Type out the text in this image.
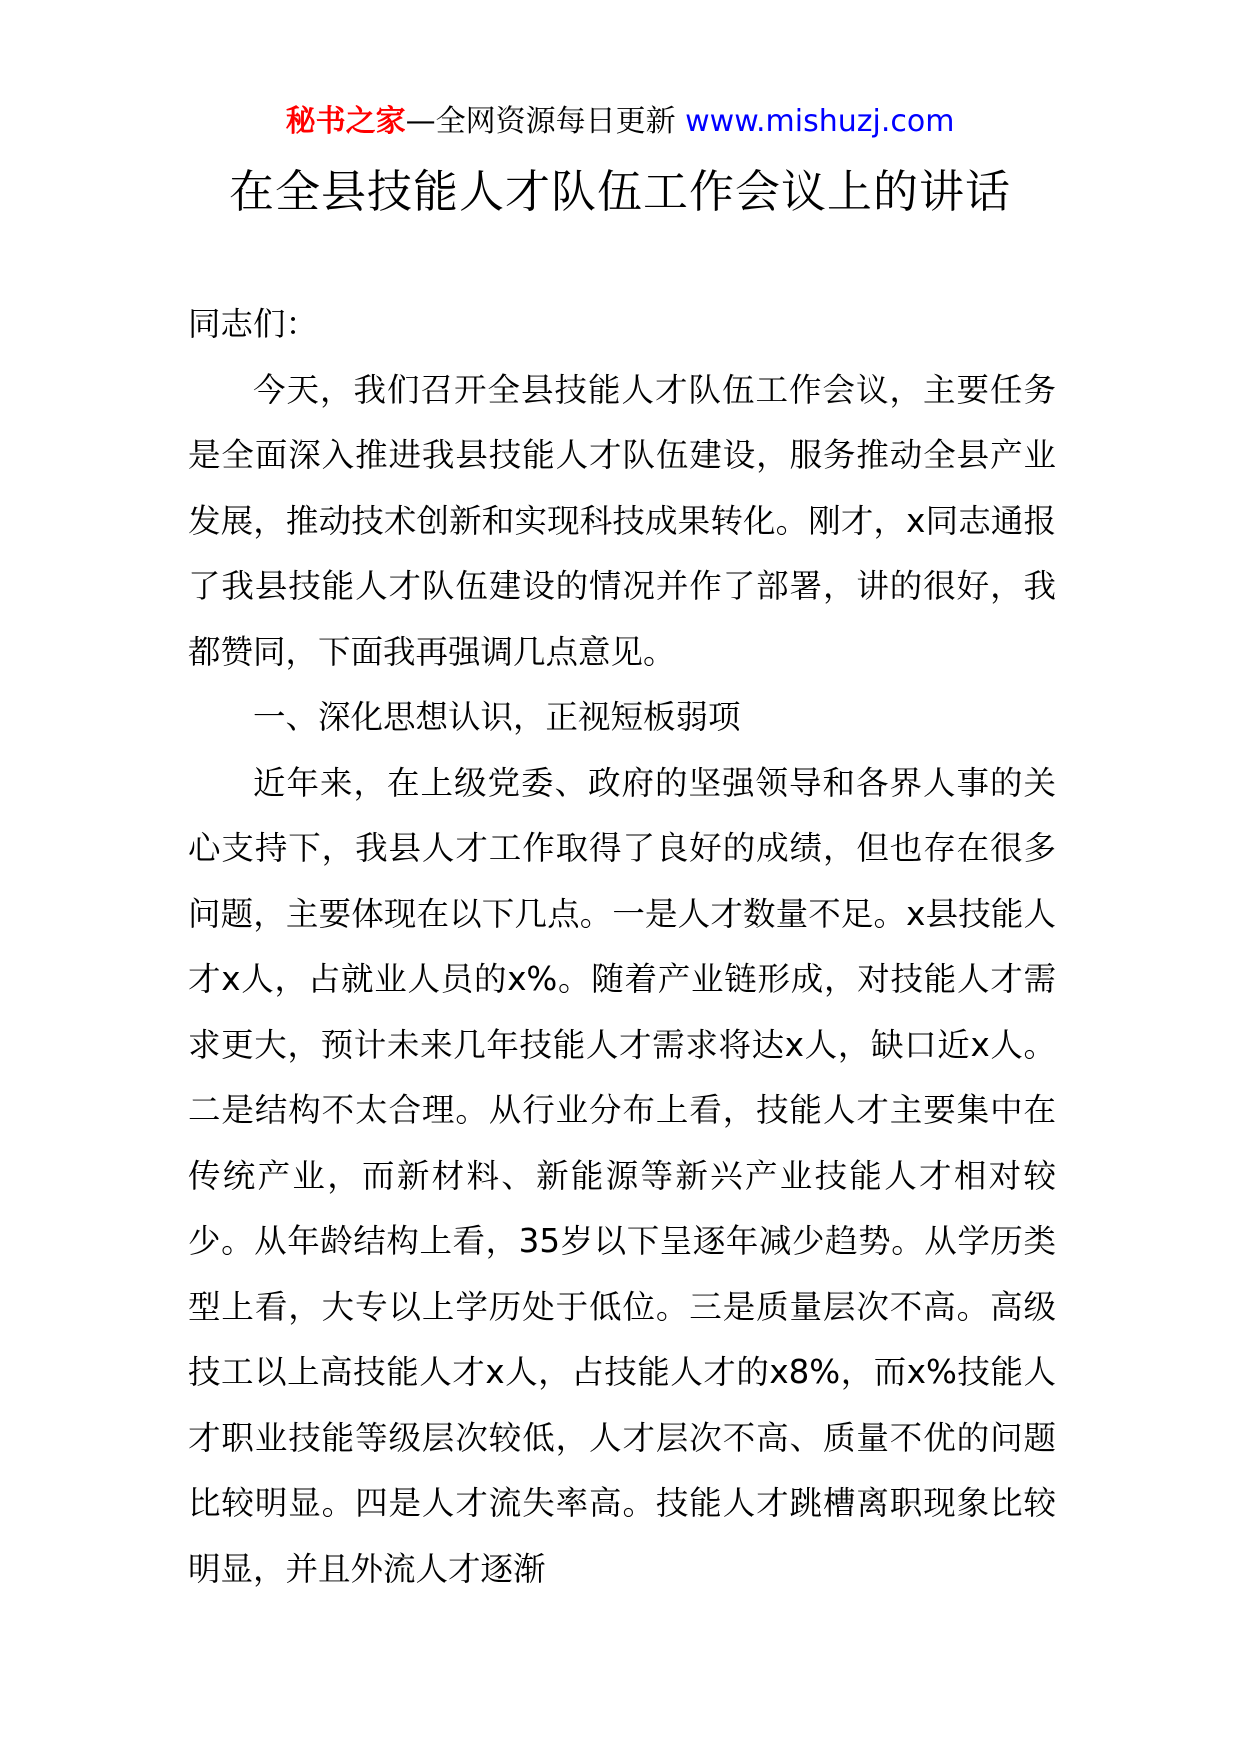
秘书之家—全网资源每日更新 www.mishuzj.com
在全县技能人才队伍工作会议上的讲话

同志们：

今天，我们召开全县技能人才队伍工作会议，主要任务是全面深入推进我县技能人才队伍建设，服务推动全县产业发展，推动技术创新和实现科技成果转化。刚才，x同志通报了我县技能人才队伍建设的情况并作了部署，讲的很好，我都赞同，下面我再强调几点意见。

一、深化思想认识，正视短板弱项

近年来，在上级党委、政府的坚强领导和各界人事的关心支持下，我县人才工作取得了良好的成绩，但也存在很多问题，主要体现在以下几点。一是人才数量不足。x县技能人才x人，占就业人员的x%。随着产业链形成，对技能人才需求更大，预计未来几年技能人才需求将达x人，缺口近x人。二是结构不太合理。从行业分布上看，技能人才主要集中在传统产业，而新材料、新能源等新兴产业技能人才相对较少。从年龄结构上看，35岁以下呈逐年减少趋势。从学历类型上看，大专以上学历处于低位。三是质量层次不高。高级技工以上高技能人才x人，占技能人才的x8%，而x%技能人才职业技能等级层次较低，人才层次不高、质量不优的问题比较明显。四是人才流失率高。技能人才跳槽离职现象比较明显，并且外流人才逐渐
